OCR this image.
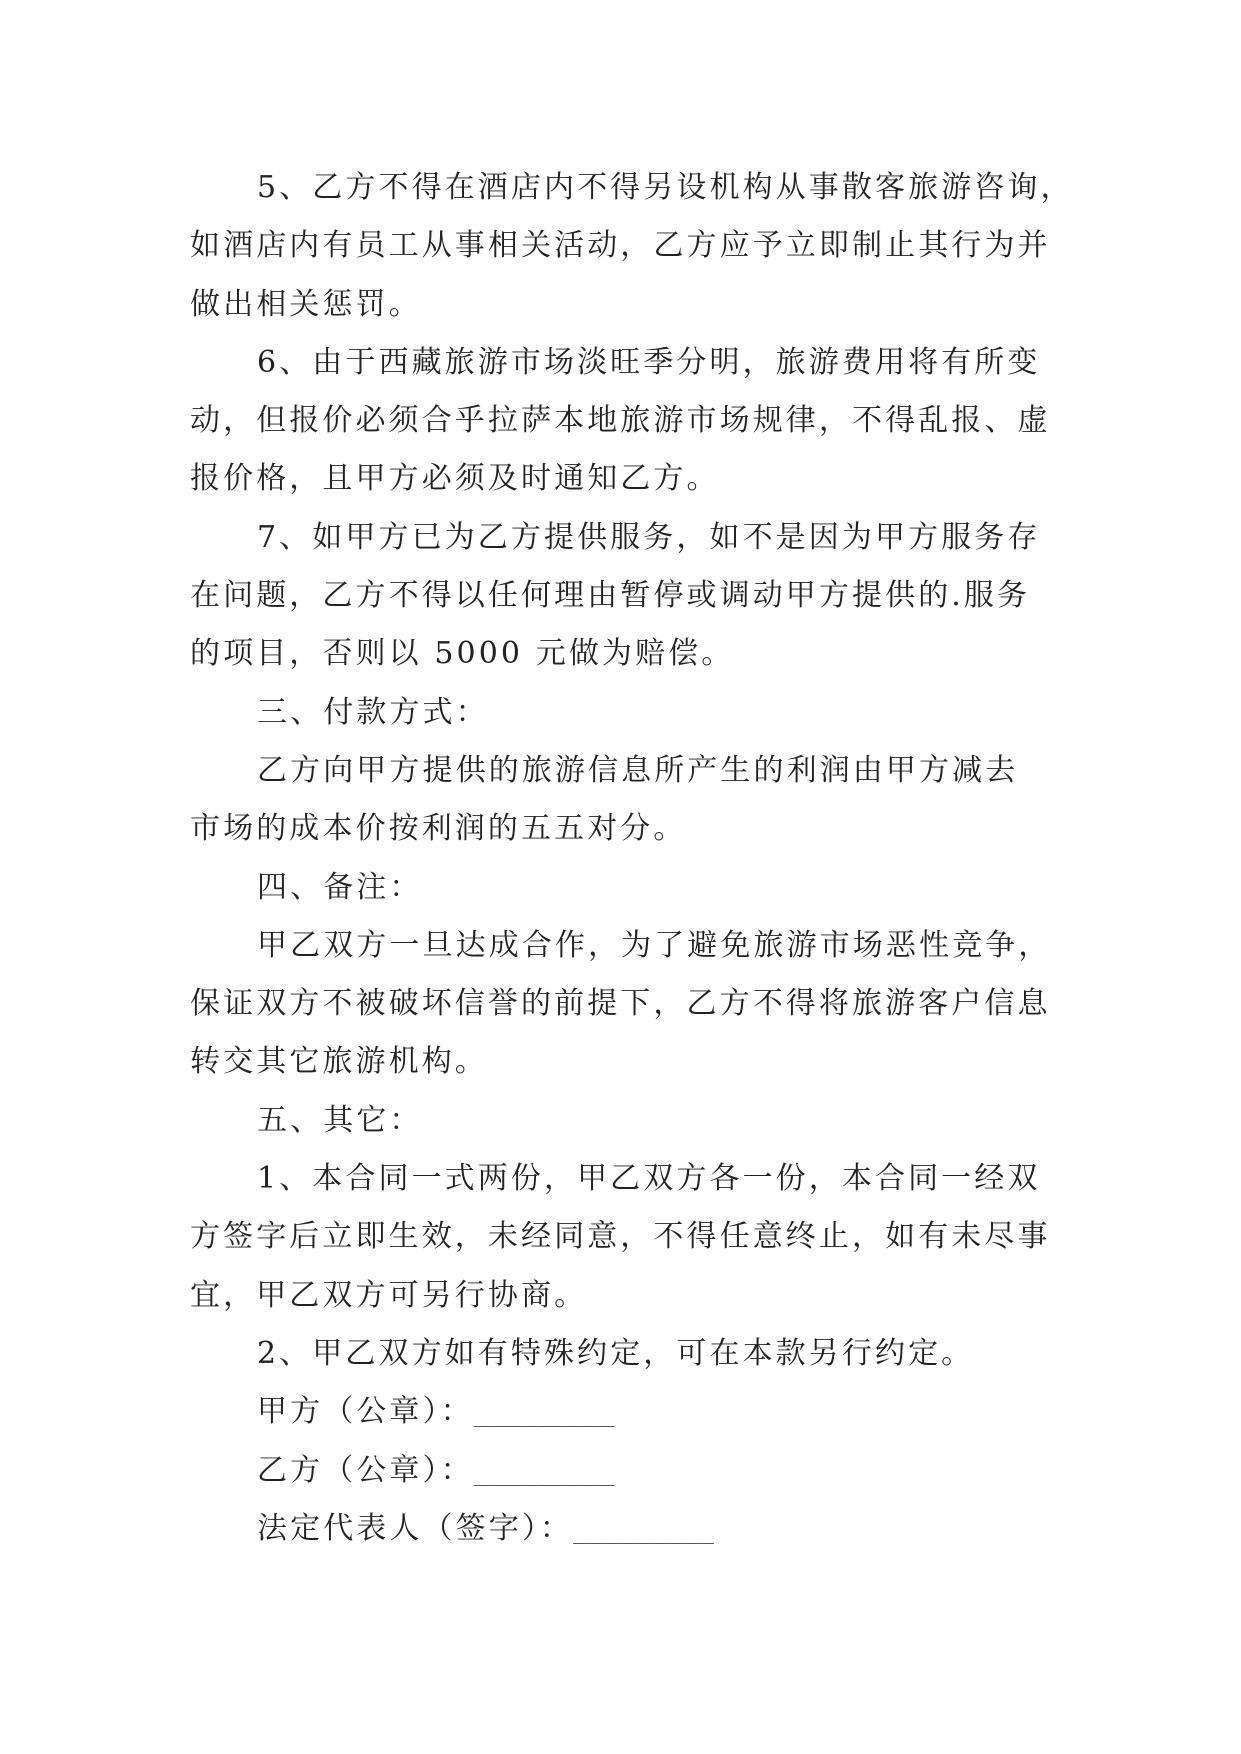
5、乙方不得在酒店内不得另设机构从事散客旅游咨询，
如酒店内有员工从事相关活动，乙方应予立即制止其行为并
做出相关惩罚。
6、由于西藏旅游市场淡旺季分明，旅游费用将有所变
动，但报价必须合乎拉萨本地旅游市场规律，不得乱报、虚
报价格，且甲方必须及时通知乙方。
7、如甲方已为乙方提供服务，如不是因为甲方服务存
在问题，乙方不得以任何理由暂停或调动甲方提供的.服务
的项目，否则以 5000 元做为赔偿。
三、付款方式：
乙方向甲方提供的旅游信息所产生的利润由甲方减去
市场的成本价按利润的五五对分。
四、备注：
甲乙双方一旦达成合作，为了避免旅游市场恶性竞争，
保证双方不被破坏信誉的前提下，乙方不得将旅游客户信息
转交其它旅游机构。
五、其它：
1、本合同一式两份，甲乙双方各一份，本合同一经双
方签字后立即生效，未经同意，不得任意终止，如有未尽事
宜，甲乙双方可另行协商。
2、甲乙双方如有特殊约定，可在本款另行约定。
甲方（公章）：_________
乙方（公章）：_________
法定代表人（签字）：_________
